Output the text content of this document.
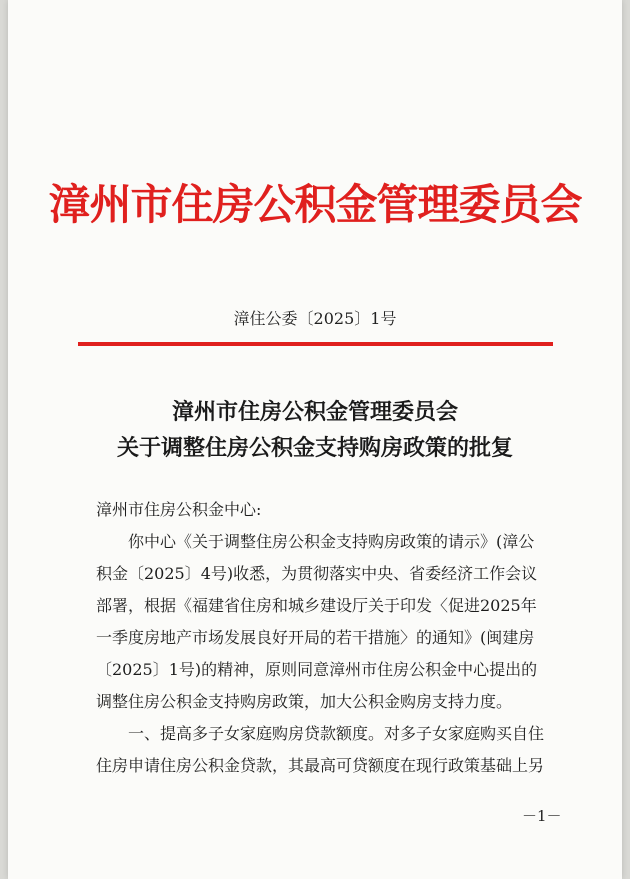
漳州市住房公积金管理委员会
漳住公委〔2025〕1号
漳州市住房公积金管理委员会
关于调整住房公积金支持购房政策的批复
漳州市住房公积金中心:
你中心《关于调整住房公积金支持购房政策的请示》(漳公
积金〔2025〕4号)收悉，为贯彻落实中央、省委经济工作会议
部署，根据《福建省住房和城乡建设厅关于印发〈促进2025年
一季度房地产市场发展良好开局的若干措施〉的通知》(闽建房
〔2025〕1号)的精神，原则同意漳州市住房公积金中心提出的
调整住房公积金支持购房政策，加大公积金购房支持力度。
一、提高多子女家庭购房贷款额度。对多子女家庭购买自住
住房申请住房公积金贷款，其最高可贷额度在现行政策基础上另
－1－
